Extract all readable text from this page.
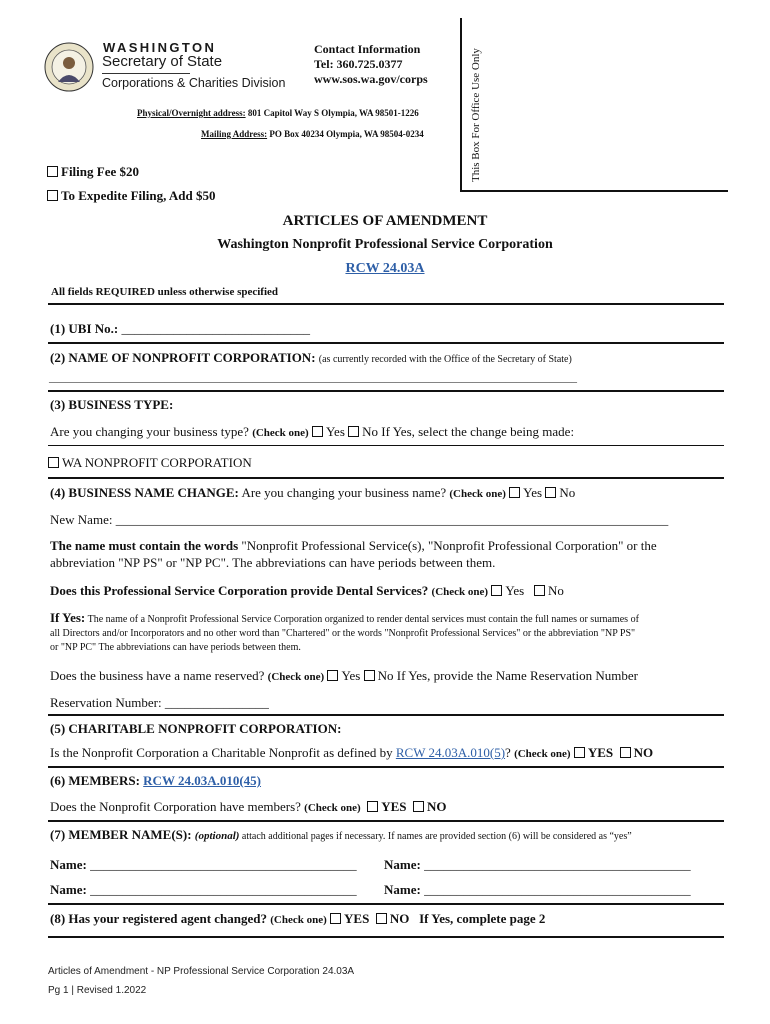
WASHINGTON
Secretary of State
Corporations & Charities Division
Contact Information
Tel: 360.725.0377
www.sos.wa.gov/corps
Physical/Overnight address: 801 Capitol Way S Olympia, WA 98501-1226
Mailing Address: PO Box 40234 Olympia, WA 98504-0234	This Box For Office Use Only
Filing Fee $20
To Expedite Filing, Add $50
ARTICLES OF AMENDMENT
Washington Nonprofit Professional Service Corporation
RCW 24.03A
All fields REQUIRED unless otherwise specified
(1) UBI No.: _____________________________
(2) NAME OF NONPROFIT CORPORATION: (as currently recorded with the Office of the Secretary of State)
________________________________________________________________________________________________
(3) BUSINESS TYPE:
Are you changing your business type? (Check one) Yes No If Yes, select the change being made:
WA NONPROFIT CORPORATION
(4) BUSINESS NAME CHANGE: Are you changing your business name? (Check one) Yes No
New Name: _____________________________________________________________________________________
The name must contain the words "Nonprofit Professional Service(s), "Nonprofit Professional Corporation" or the
abbreviation "NP PS" or "NP PC". The abbreviations can have periods between them.
Does this Professional Service Corporation provide Dental Services? (Check one) Yes No
If Yes: The name of a Nonprofit Professional Service Corporation organized to render dental services must contain the full names or surnames of
all Directors and/or Incorporators and no other word than "Chartered" or the words "Nonprofit Professional Services" or the abbreviation "NP PS"
or "NP PC" The abbreviations can have periods between them.
Does the business have a name reserved? (Check one) Yes No If Yes, provide the Name Reservation Number
Reservation Number: ________________
(5) CHARITABLE NONPROFIT CORPORATION:
Is the Nonprofit Corporation a Charitable Nonprofit as defined by RCW 24.03A.010(5)? (Check one) YES NO
(6) MEMBERS: RCW 24.03A.010(45)
Does the Nonprofit Corporation have members? (Check one) YES NO
(7) MEMBER NAME(S): (optional) attach additional pages if necessary. If names are provided section (6) will be considered as “yes”
Name: _________________________________________ Name: _________________________________________
Name: _________________________________________ Name: _________________________________________
(8) Has your registered agent changed? (Check one) YES NO If Yes, complete page 2
Articles of Amendment - NP Professional Service Corporation 24.03A
Pg 1 | Revised 1.2022
